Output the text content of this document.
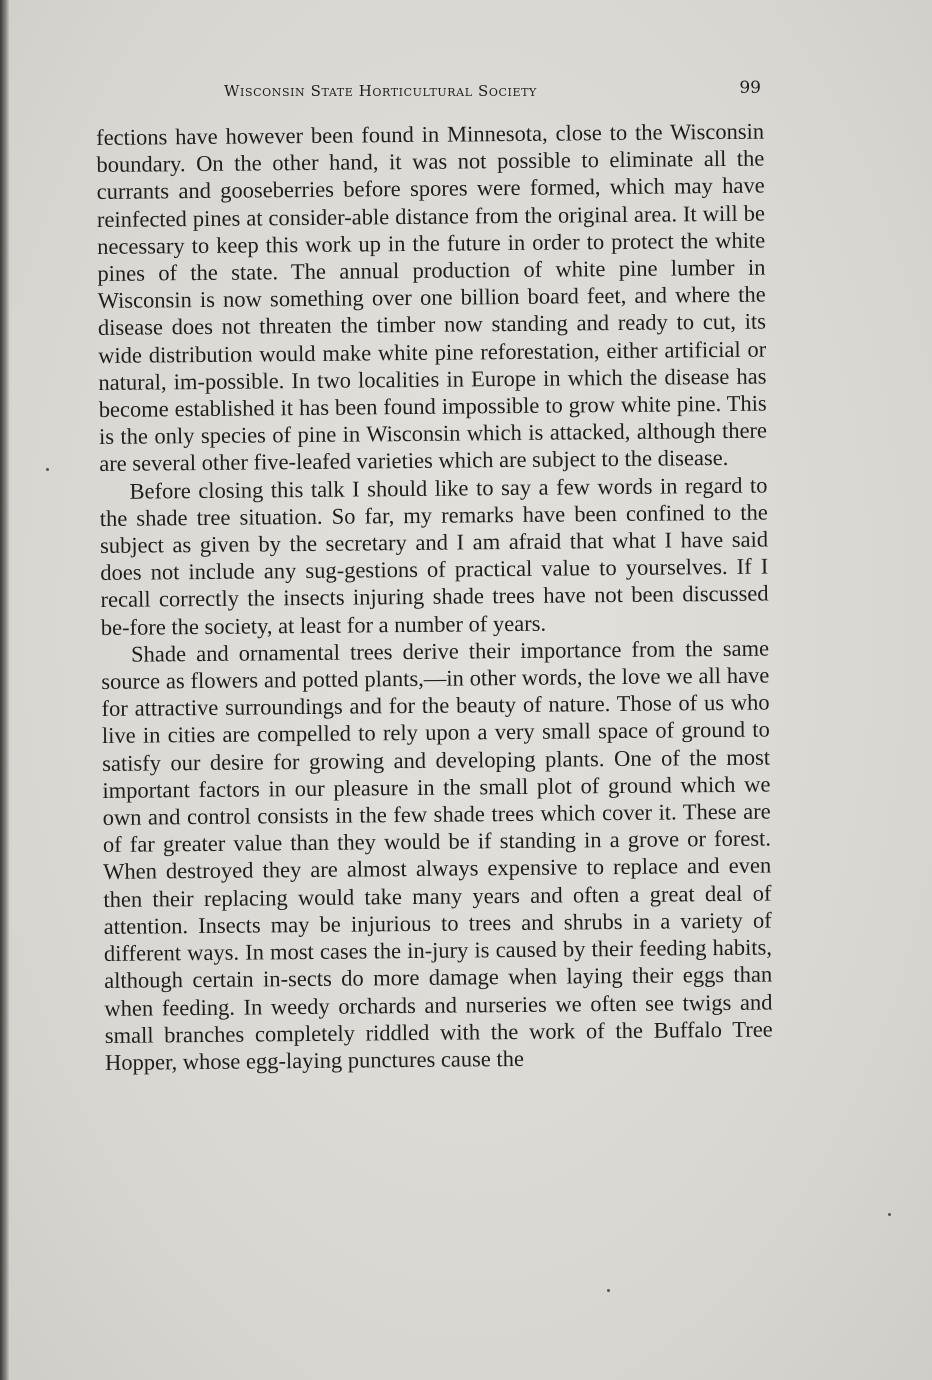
Wisconsin State Horticultural Society	99

fections have however been found in Minnesota, close to the Wisconsin boundary. On the other hand, it was not possible to eliminate all the currants and gooseberries before spores were formed, which may have reinfected pines at consider-able distance from the original area. It will be necessary to keep this work up in the future in order to protect the white pines of the state. The annual production of white pine lumber in Wisconsin is now something over one billion board feet, and where the disease does not threaten the timber now standing and ready to cut, its wide distribution would make white pine reforestation, either artificial or natural, im-possible. In two localities in Europe in which the disease has become established it has been found impossible to grow white pine. This is the only species of pine in Wisconsin which is attacked, although there are several other five-leafed varieties which are subject to the disease.

Before closing this talk I should like to say a few words in regard to the shade tree situation. So far, my remarks have been confined to the subject as given by the secretary and I am afraid that what I have said does not include any sug-gestions of practical value to yourselves. If I recall correctly the insects injuring shade trees have not been discussed be-fore the society, at least for a number of years.

Shade and ornamental trees derive their importance from the same source as flowers and potted plants,—in other words, the love we all have for attractive surroundings and for the beauty of nature. Those of us who live in cities are compelled to rely upon a very small space of ground to satisfy our desire for growing and developing plants. One of the most important factors in our pleasure in the small plot of ground which we own and control consists in the few shade trees which cover it. These are of far greater value than they would be if standing in a grove or forest. When destroyed they are almost always expensive to replace and even then their replacing would take many years and often a great deal of attention. Insects may be injurious to trees and shrubs in a variety of different ways. In most cases the in-jury is caused by their feeding habits, although certain in-sects do more damage when laying their eggs than when feeding. In weedy orchards and nurseries we often see twigs and small branches completely riddled with the work of the Buffalo Tree Hopper, whose egg-laying punctures cause the
